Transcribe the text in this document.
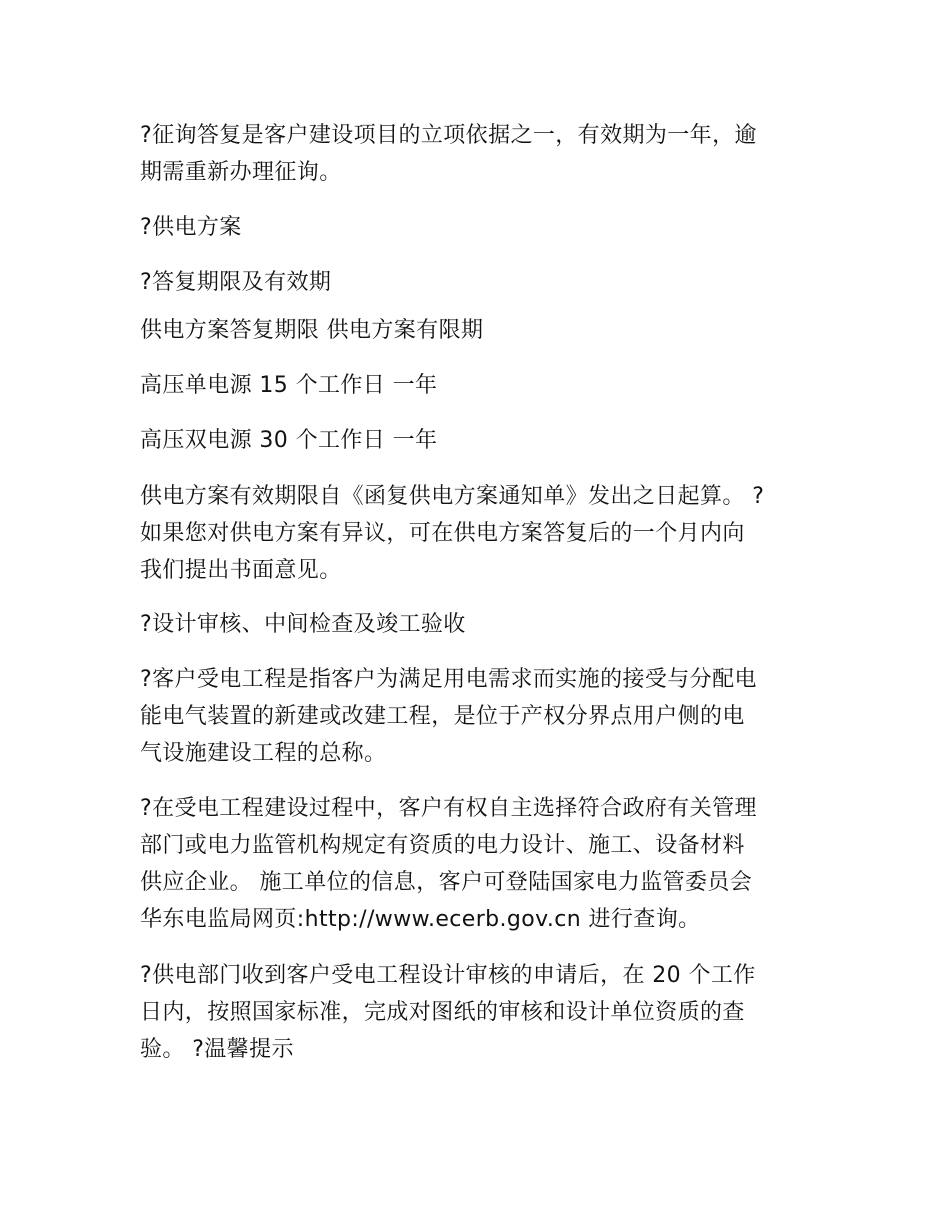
?征询答复是客户建设项目的立项依据之一，有效期为一年，逾
期需重新办理征询。

?供电方案

?答复期限及有效期

供电方案答复期限 供电方案有限期

高压单电源 15 个工作日 一年

高压双电源 30 个工作日 一年

供电方案有效期限自《函复供电方案通知单》发出之日起算。 ?
如果您对供电方案有异议，可在供电方案答复后的一个月内向
我们提出书面意见。

?设计审核、中间检查及竣工验收

?客户受电工程是指客户为满足用电需求而实施的接受与分配电
能电气装置的新建或改建工程，是位于产权分界点用户侧的电
气设施建设工程的总称。

?在受电工程建设过程中，客户有权自主选择符合政府有关管理
部门或电力监管机构规定有资质的电力设计、施工、设备材料
供应企业。 施工单位的信息，客户可登陆国家电力监管委员会
华东电监局网页:http://www.ecerb.gov.cn 进行查询。

?供电部门收到客户受电工程设计审核的申请后，在 20 个工作
日内，按照国家标准，完成对图纸的审核和设计单位资质的查
验。 ?温馨提示
